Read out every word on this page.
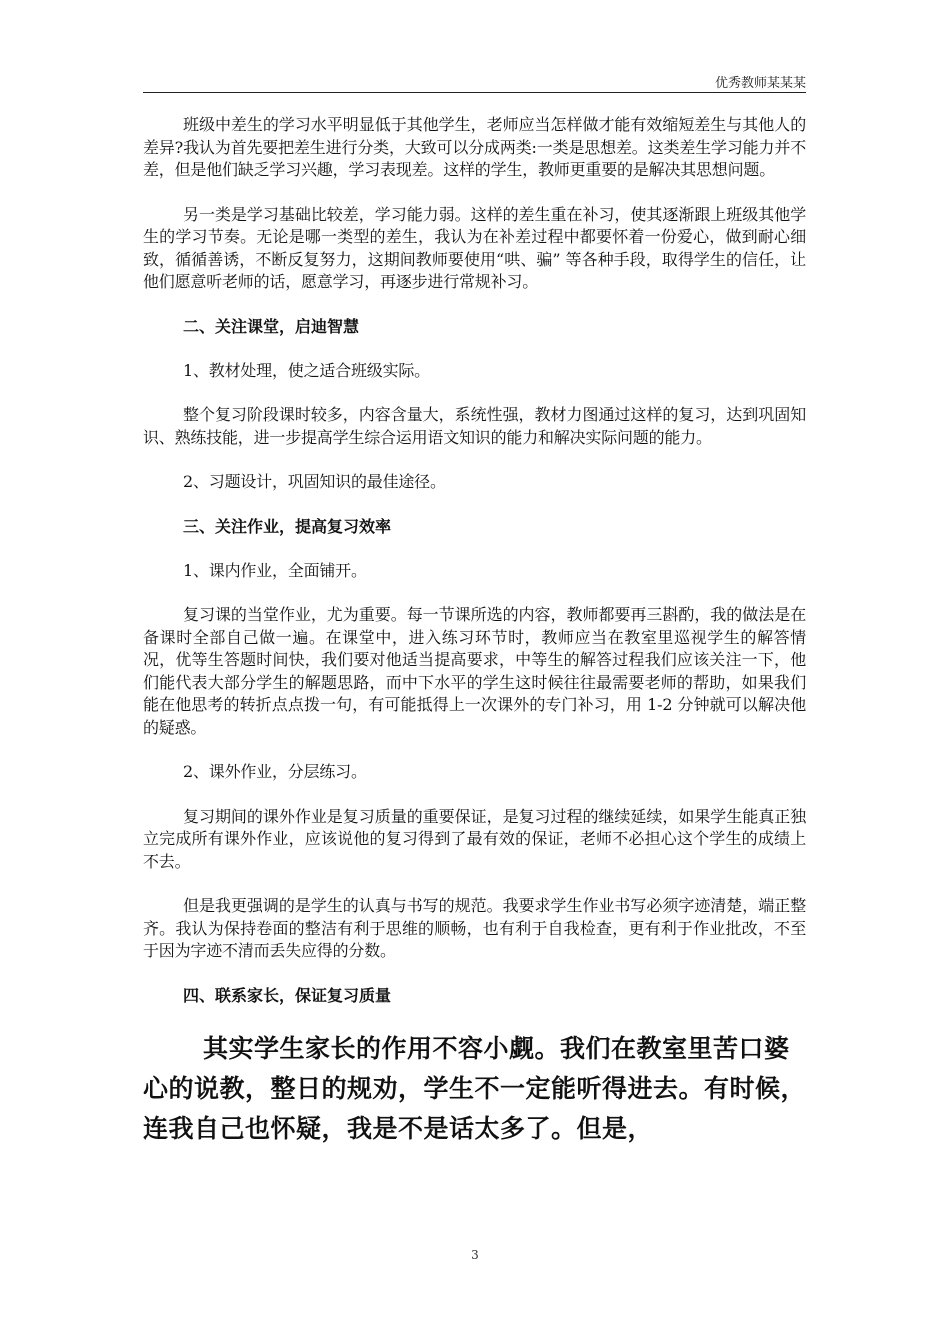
优秀教师某某某

班级中差生的学习水平明显低于其他学生，老师应当怎样做才能有效缩短差生与其他人的差异?我认为首先要把差生进行分类，大致可以分成两类:一类是思想差。这类差生学习能力并不差，但是他们缺乏学习兴趣，学习表现差。这样的学生，教师更重要的是解决其思想问题。

另一类是学习基础比较差，学习能力弱。这样的差生重在补习，使其逐渐跟上班级其他学生的学习节奏。无论是哪一类型的差生，我认为在补差过程中都要怀着一份爱心，做到耐心细致，循循善诱，不断反复努力，这期间教师要使用“哄、骗” 等各种手段，取得学生的信任，让他们愿意听老师的话，愿意学习，再逐步进行常规补习。

二、关注课堂，启迪智慧

1、教材处理，使之适合班级实际。

整个复习阶段课时较多，内容含量大，系统性强，教材力图通过这样的复习，达到巩固知识、熟练技能，进一步提高学生综合运用语文知识的能力和解决实际问题的能力。

2、习题设计，巩固知识的最佳途径。

三、关注作业，提高复习效率

1、课内作业，全面铺开。

复习课的当堂作业，尤为重要。每一节课所选的内容，教师都要再三斟酌，我的做法是在备课时全部自己做一遍。在课堂中，进入练习环节时，教师应当在教室里巡视学生的解答情况，优等生答题时间快，我们要对他适当提高要求，中等生的解答过程我们应该关注一下，他们能代表大部分学生的解题思路，而中下水平的学生这时候往往最需要老师的帮助，如果我们能在他思考的转折点点拨一句，有可能抵得上一次课外的专门补习，用 1-2 分钟就可以解决他的疑惑。

2、课外作业，分层练习。

复习期间的课外作业是复习质量的重要保证，是复习过程的继续延续，如果学生能真正独立完成所有课外作业，应该说他的复习得到了最有效的保证，老师不必担心这个学生的成绩上不去。

但是我更强调的是学生的认真与书写的规范。我要求学生作业书写必须字迹清楚，端正整齐。我认为保持卷面的整洁有利于思维的顺畅，也有利于自我检查，更有利于作业批改，不至于因为字迹不清而丢失应得的分数。

四、联系家长，保证复习质量

其实学生家长的作用不容小觑。我们在教室里苦口婆心的说教，整日的规劝，学生不一定能听得进去。有时候，连我自己也怀疑，我是不是话太多了。但是，

3
